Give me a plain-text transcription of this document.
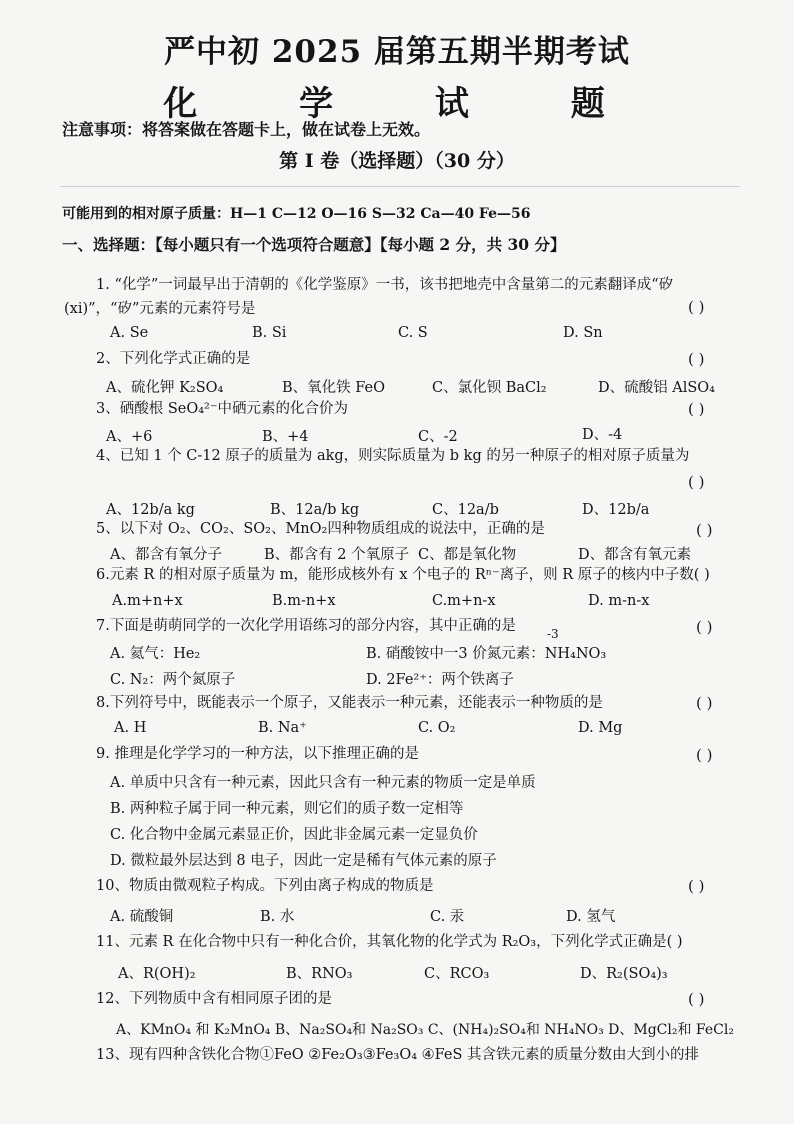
严中初 2025 届第五期半期考试
化 学 试 题
注意事项：将答案做在答题卡上，做在试卷上无效。
第 I 卷（选择题）（30 分）
可能用到的相对原子质量：H—1 C—12 O—16 S—32 Ca—40 Fe—56
一、选择题：【每小题只有一个选项符合题意】【每小题 2 分，共 30 分】
1. “化学”一词最早出于清朝的《化学鉴原》一书，该书把地壳中含量第二的元素翻译成“矽
(xi)”，“矽”元素的元素符号是	( )
A. Se	B. Si	C. S	D. Sn
2、下列化学式正确的是	( )
A、硫化钾 K₂SO₄	B、氧化铁 FeO	C、氯化钡 BaCl₂	D、硫酸铝 AlSO₄
3、硒酸根 SeO₄²⁻中硒元素的化合价为	( )
A、+6	B、+4	C、-2	D、-4
4、已知 1 个 C-12 原子的质量为 akg，则实际质量为 b kg 的另一种原子的相对原子质量为
( )
A、12b/a kg	B、12a/b kg	C、12a/b	D、12b/a
5、以下对 O₂、CO₂、SO₂、MnO₂四种物质组成的说法中，正确的是	( )
A、都含有氧分子	B、都含有 2 个氧原子 C、都是氧化物	D、都含有氧元素
6.元素 R 的相对原子质量为 m，能形成核外有 x 个电子的 Rⁿ⁻离子，则 R 原子的核内中子数( )
A.m+n+x	B.m-n+x	C.m+n-x	D. m-n-x
7.下面是萌萌同学的一次化学用语练习的部分内容，其中正确的是	( )
A. 氦气：He₂	B. 硝酸铵中一3 价氮元素：NH₄NO₃
-3
C. N₂：两个氮原子	D. 2Fe²⁺：两个铁离子
8.下列符号中，既能表示一个原子，又能表示一种元素，还能表示一种物质的是	( )
A. H	B. Na⁺	C. O₂	D. Mg
9. 推理是化学学习的一种方法，以下推理正确的是	( )
A. 单质中只含有一种元素，因此只含有一种元素的物质一定是单质
B. 两种粒子属于同一种元素，则它们的质子数一定相等
C. 化合物中金属元素显正价，因此非金属元素一定显负价
D. 微粒最外层达到 8 电子，因此一定是稀有气体元素的原子
10、物质由微观粒子构成。下列由离子构成的物质是	( )
A. 硫酸铜	B. 水	C. 汞	D. 氢气
11、元素 R 在化合物中只有一种化合价，其氧化物的化学式为 R₂O₃，下列化学式正确是( )
A、R(OH)₂	B、RNO₃	C、RCO₃	D、R₂(SO₄)₃
12、下列物质中含有相同原子团的是	( )
A、KMnO₄ 和 K₂MnO₄ B、Na₂SO₄和 Na₂SO₃ C、(NH₄)₂SO₄和 NH₄NO₃ D、MgCl₂和 FeCl₂
13、现有四种含铁化合物①FeO ②Fe₂O₃③Fe₃O₄ ④FeS 其含铁元素的质量分数由大到小的排
